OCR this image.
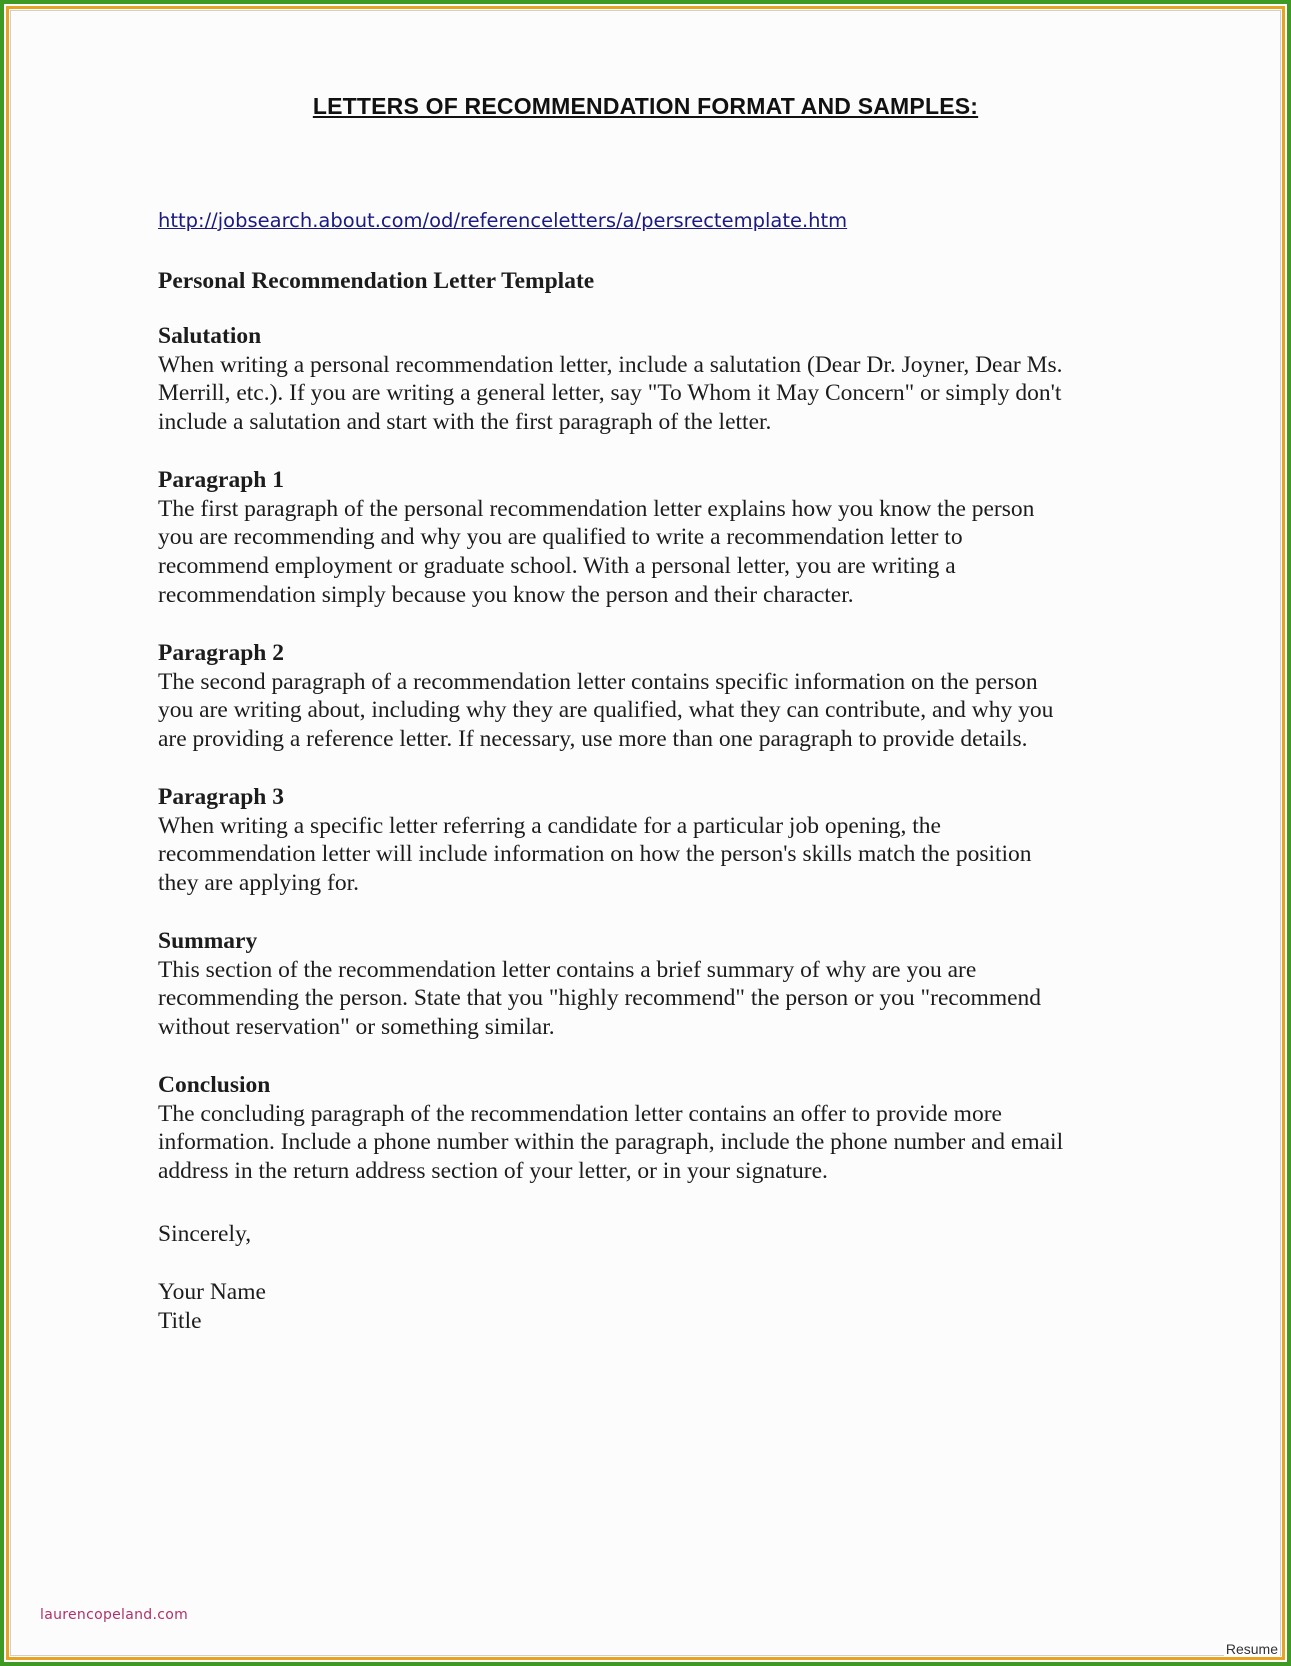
LETTERS OF RECOMMENDATION FORMAT AND SAMPLES:
http://jobsearch.about.com/od/referenceletters/a/persrectemplate.htm
Personal Recommendation Letter Template
Salutation
When writing a personal recommendation letter, include a salutation (Dear Dr. Joyner, Dear Ms.
Merrill, etc.). If you are writing a general letter, say "To Whom it May Concern" or simply don't
include a salutation and start with the first paragraph of the letter.
Paragraph 1
The first paragraph of the personal recommendation letter explains how you know the person
you are recommending and why you are qualified to write a recommendation letter to
recommend employment or graduate school. With a personal letter, you are writing a
recommendation simply because you know the person and their character.
Paragraph 2
The second paragraph of a recommendation letter contains specific information on the person
you are writing about, including why they are qualified, what they can contribute, and why you
are providing a reference letter. If necessary, use more than one paragraph to provide details.
Paragraph 3
When writing a specific letter referring a candidate for a particular job opening, the
recommendation letter will include information on how the person's skills match the position
they are applying for.
Summary
This section of the recommendation letter contains a brief summary of why are you are
recommending the person. State that you "highly recommend" the person or you "recommend
without reservation" or something similar.
Conclusion
The concluding paragraph of the recommendation letter contains an offer to provide more
information. Include a phone number within the paragraph, include the phone number and email
address in the return address section of your letter, or in your signature.
Sincerely,
Your Name
Title
laurencopeland.com
Resume
